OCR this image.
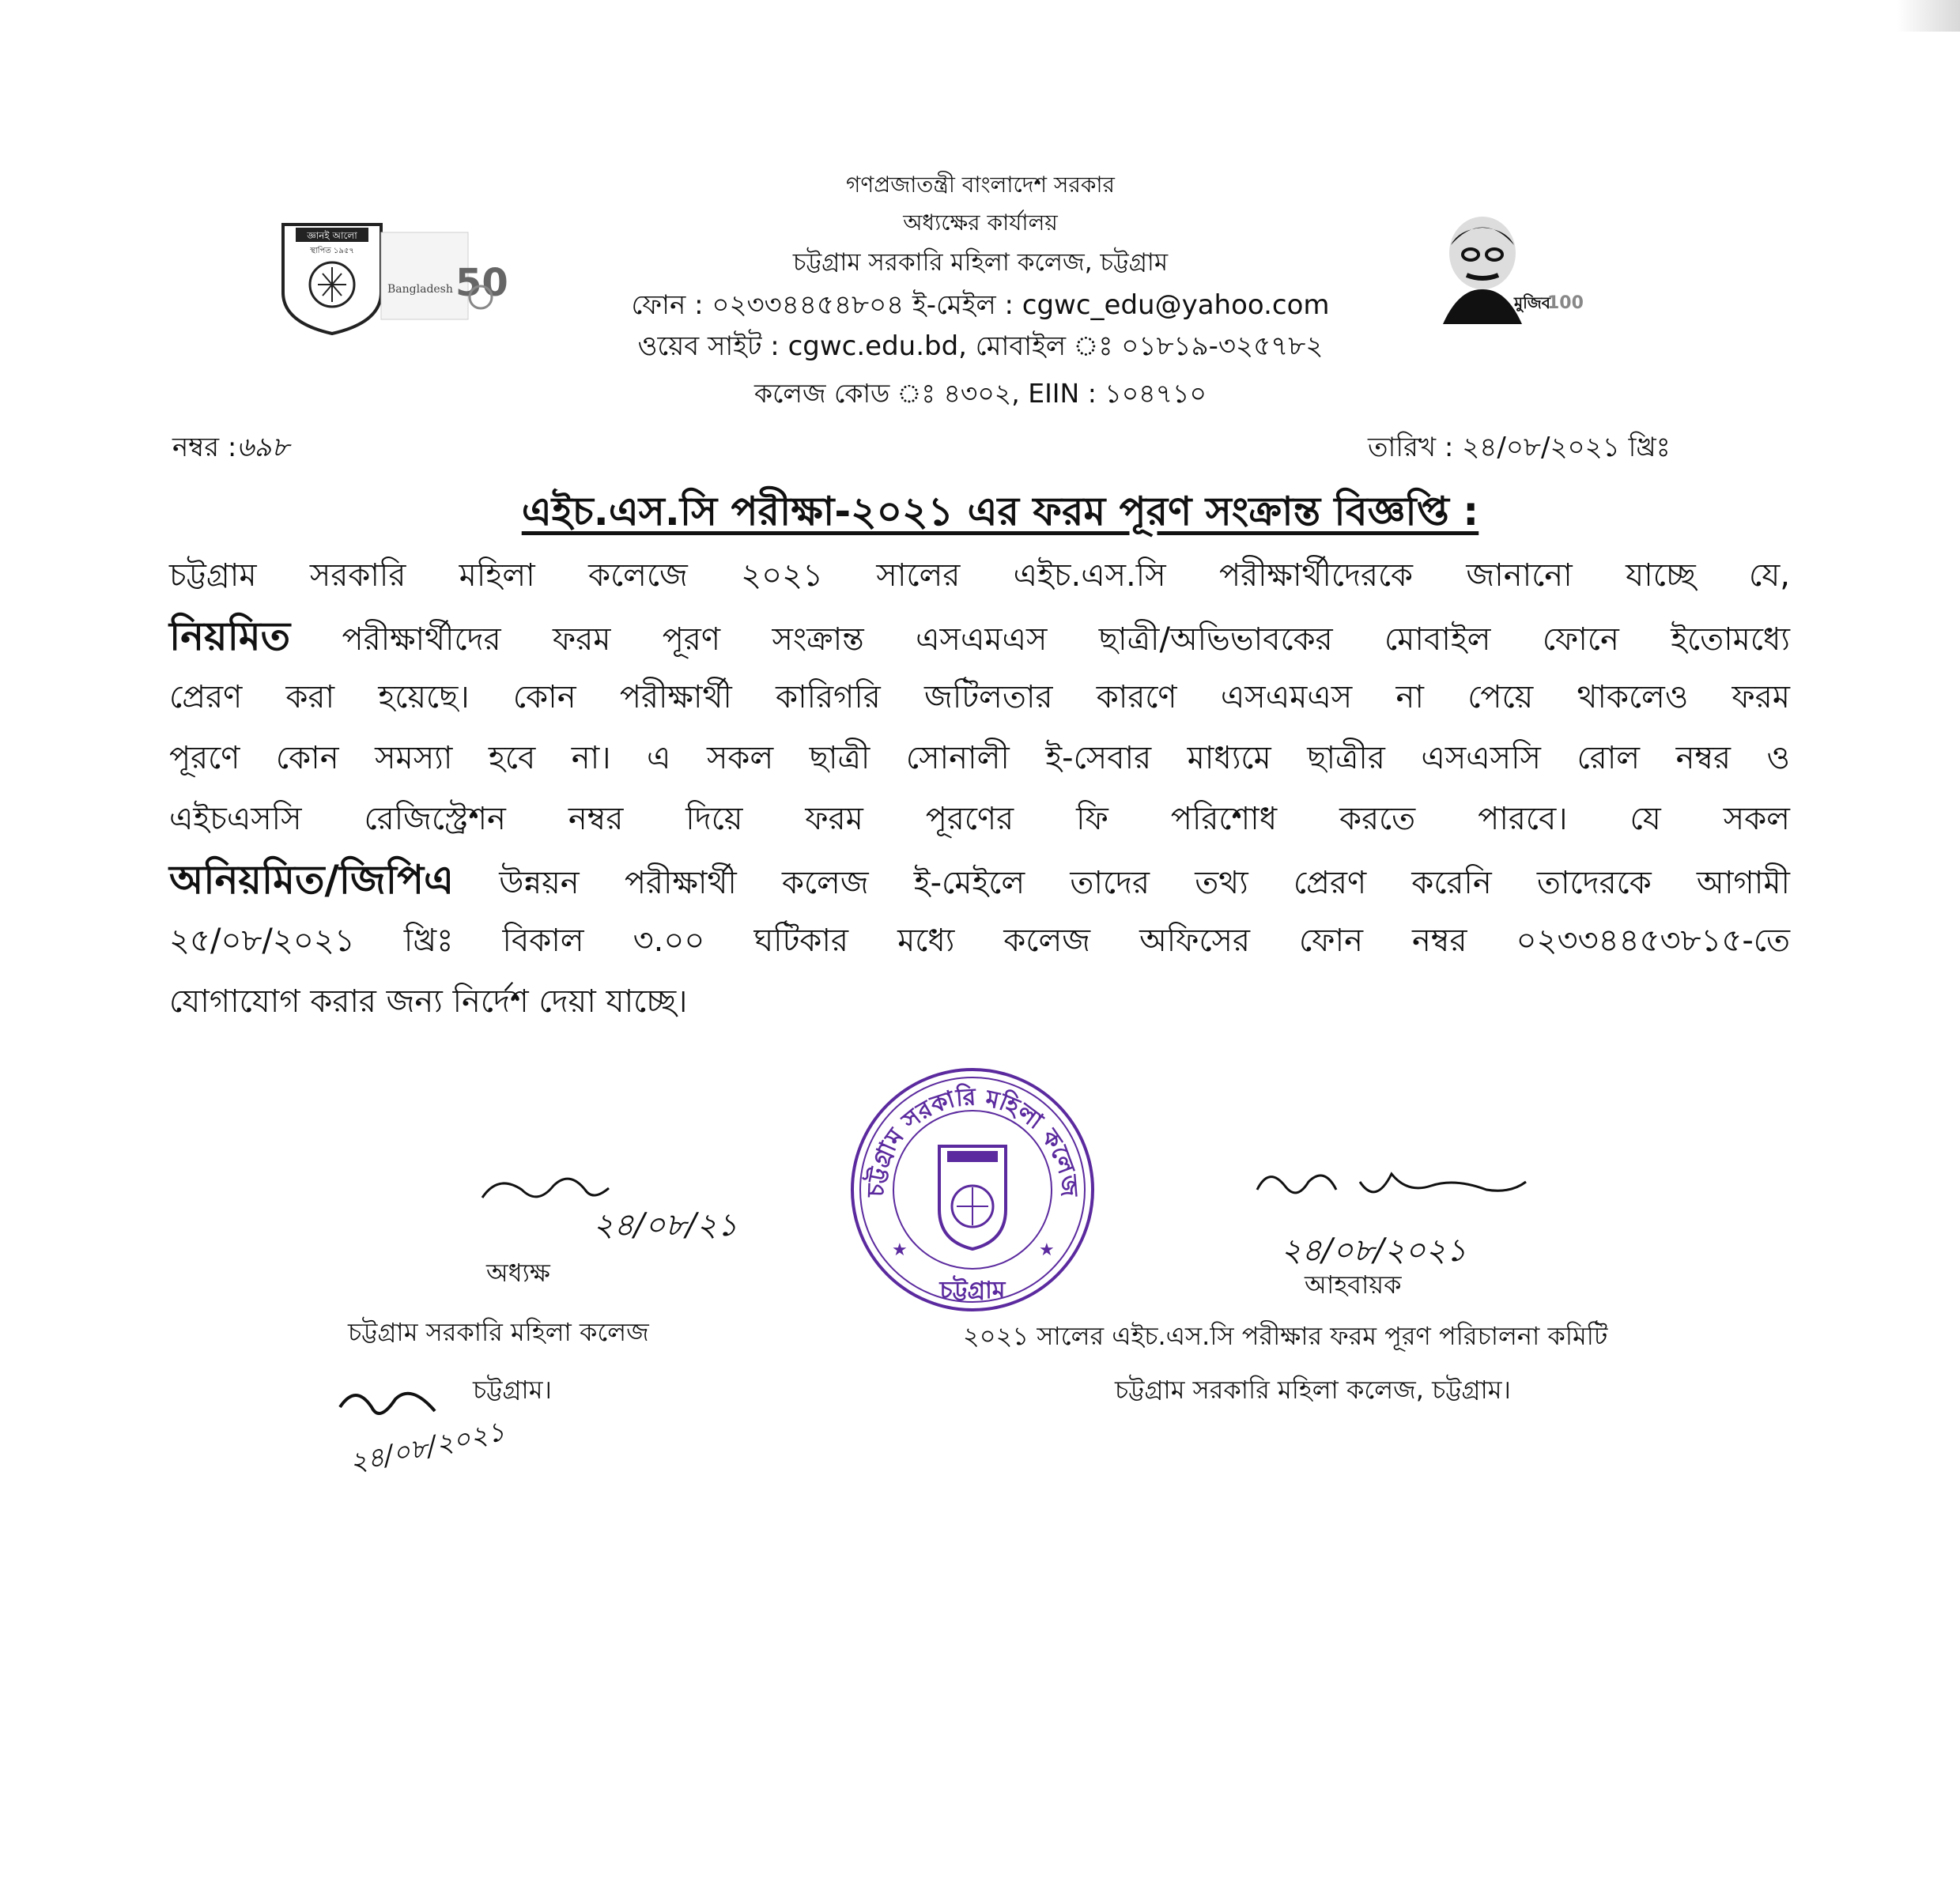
জ্ঞানই আলো
স্থাপিত ১৯৫৭
Bangladesh 50	মুজিব
100
গণপ্রজাতন্ত্রী বাংলাদেশ সরকার
অধ্যক্ষের কার্যালয়
চট্টগ্রাম সরকারি মহিলা কলেজ, চট্টগ্রাম
ফোন : ০২৩৩৪৪৫৪৮০৪ ই-মেইল : cgwc_edu@yahoo.com
ওয়েব সাইট : cgwc.edu.bd, মোবাইল ঃ ০১৮১৯-৩২৫৭৮২
কলেজ কোড ঃ ৪৩০২, EIIN : ১০৪৭১০
নম্বর :৬৯৮	তারিখ : ২৪/০৮/২০২১ খ্রিঃ
এইচ.এস.সি পরীক্ষা-২০২১ এর ফরম পূরণ সংক্রান্ত বিজ্ঞপ্তি :
চট্টগ্রাম সরকারি মহিলা কলেজে ২০২১ সালের এইচ.এস.সি পরীক্ষার্থীদেরকে জানানো যাচ্ছে যে,
নিয়মিত পরীক্ষার্থীদের ফরম পূরণ সংক্রান্ত এসএমএস ছাত্রী/অভিভাবকের মোবাইল ফোনে ইতোমধ্যে
প্রেরণ করা হয়েছে। কোন পরীক্ষার্থী কারিগরি জটিলতার কারণে এসএমএস না পেয়ে থাকলেও ফরম
পূরণে কোন সমস্যা হবে না। এ সকল ছাত্রী সোনালী ই-সেবার মাধ্যমে ছাত্রীর এসএসসি রোল নম্বর ও
এইচএসসি রেজিস্ট্রেশন নম্বর দিয়ে ফরম পূরণের ফি পরিশোধ করতে পারবে। যে সকল
অনিয়মিত/জিপিএ উন্নয়ন পরীক্ষার্থী কলেজ ই-মেইলে তাদের তথ্য প্রেরণ করেনি তাদেরকে আগামী
২৫/০৮/২০২১ খ্রিঃ বিকাল ৩.০০ ঘটিকার মধ্যে কলেজ অফিসের ফোন নম্বর ০২৩৩৪৪৫৩৮১৫-তে
যোগাযোগ করার জন্য নির্দেশ দেয়া যাচ্ছে।
চট্টগ্রাম সরকারি মহিলা কলেজ
★	★
চট্টগ্রাম
২৪/০৮/২১
২৪/০৮/২০২১
২৪/০৮/২০২১
অধ্যক্ষ
চট্টগ্রাম সরকারি মহিলা কলেজ
চট্টগ্রাম।
আহবায়ক
২০২১ সালের এইচ.এস.সি পরীক্ষার ফরম পূরণ পরিচালনা কমিটি
চট্টগ্রাম সরকারি মহিলা কলেজ, চট্টগ্রাম।
